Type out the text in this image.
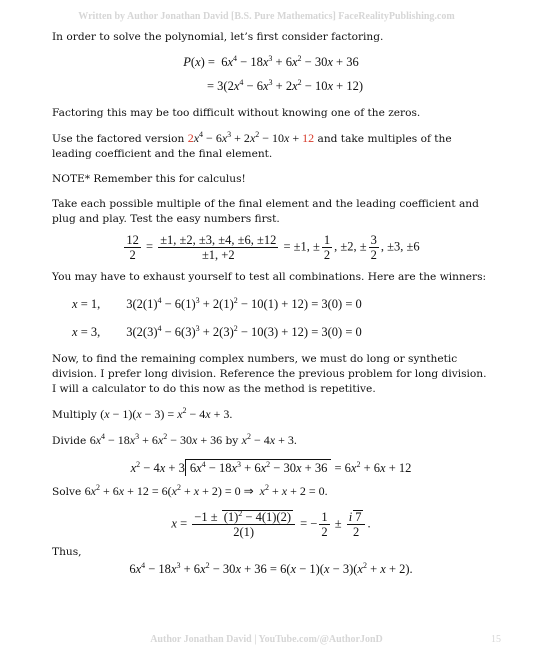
Written by Author Jonathan David [B.S. Pure Mathematics] FaceRealityPublishing.com

In order to solve the polynomial, let’s first consider factoring.

$P(x) = 6x^4 - 18x^3 + 6x^2 - 30x + 36$
= $3(2x^4 - 6x^3 + 2x^2 - 10x + 12)$

Factoring this may be too difficult without knowing one of the zeros.

Use the factored version $2x^4 - 6x^3 + 2x^2 - 10x + 12$ and take multiples of the leading coefficient and the final element.

NOTE* Remember this for calculus!

Take each possible multiple of the final element and the leading coefficient and plug and play. Test the easy numbers first.

$\frac{12}{2} = \frac{\pm 1, \pm 2, \pm 3, \pm 4, \pm 6, \pm 12}{\pm 1, +2} = \pm 1$, ± $\frac{1}{2}$ , ±2, ± $\frac{3}{2}$ , ±3, ±6

You may have to exhaust yourself to test all combinations. Here are the winners:

x = 1, $3(2(1)^4 - 6(1)^3 + 2(1)^2 - 10(1) + 12) = 3(0) = 0$
x = 3, $3(2(3)^4 - 6(3)^3 + 2(3)^2 - 10(3) + 12) = 3(0) = 0$

Now, to find the remaining complex numbers, we must do long or synthetic division. I prefer long division. Reference the previous problem for long division. I will a calculator to do this now as the method is repetitive.

Multiply $(x - 1)(x - 3) = x^2 - 4x + 3$.

Divide $6x^4 - 18x^3 + 6x^2 - 30x + 36$ by $x^2 - 4x + 3$.

$x^2 - 4x + 3$ $6x^4 - 18x^3 + 6x^2 - 30x + 36 = 6x^2 + 6x + 12$

Solve $6x^2 + 6x + 12 = 6(x^2 + x + 2) = 0$ ⇒  $x^2 + x + 2 = 0$.

$x = \frac{-1 \pm (1)^2 - 4(1)(2)}{2(1)}$ = − $\frac{1}{2} \pm \frac{i 7}{2}$ .

Thus,

$6x^4 - 18x^3 + 6x^2 - 30x + 36 = 6(x - 1)(x - 3)(x^2 + x + 2)$.
Author Jonathan David | YouTube.com/@AuthorJonD	15
